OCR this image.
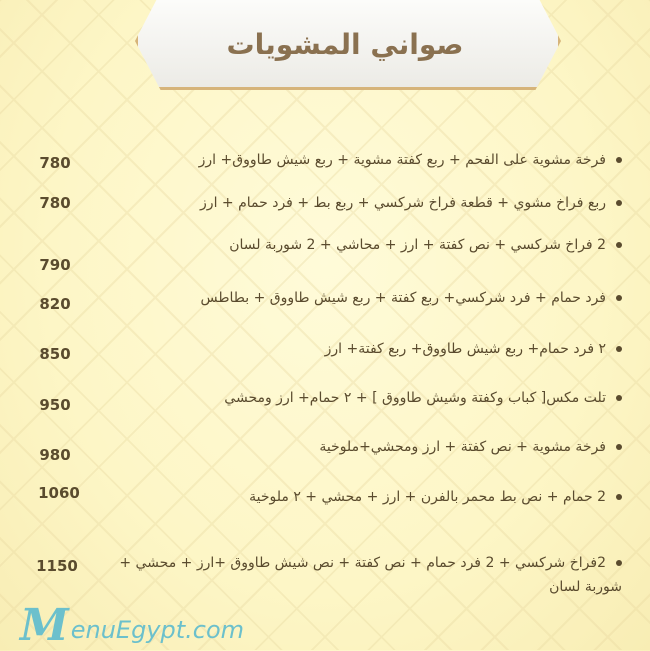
صواني المشويات
فرخة مشوية على الفحم + ربع كفتة مشوية + ربع شيش طاووق+ ارز
ربع فراخ مشوي + قطعة فراخ شركسي + ربع بط + فرد حمام + ارز
2 فراخ شركسي + نص كفتة + ارز + محاشي + 2 شوربة لسان
فرد حمام + فرد شركسي+ ربع كفتة + ربع شيش طاووق + بطاطس
٢ فرد حمام+ ربع شيش طاووق+ ربع كفتة+ ارز
تلت مكس[ كباب وكفتة وشيش طاووق ] + ٢ حمام+ ارز ومحشي
فرخة مشوية + نص كفتة + ارز ومحشي+ملوخية
2 حمام + نص بط محمر بالفرن + ارز + محشي + ٢ ملوخية
2فراخ شركسي + 2 فرد حمام + نص كفتة + نص شيش طاووق +ارز + محشي + شوربة لسان
780
780
790
820
850
950
980
1060
1150
M enuEgypt.com
